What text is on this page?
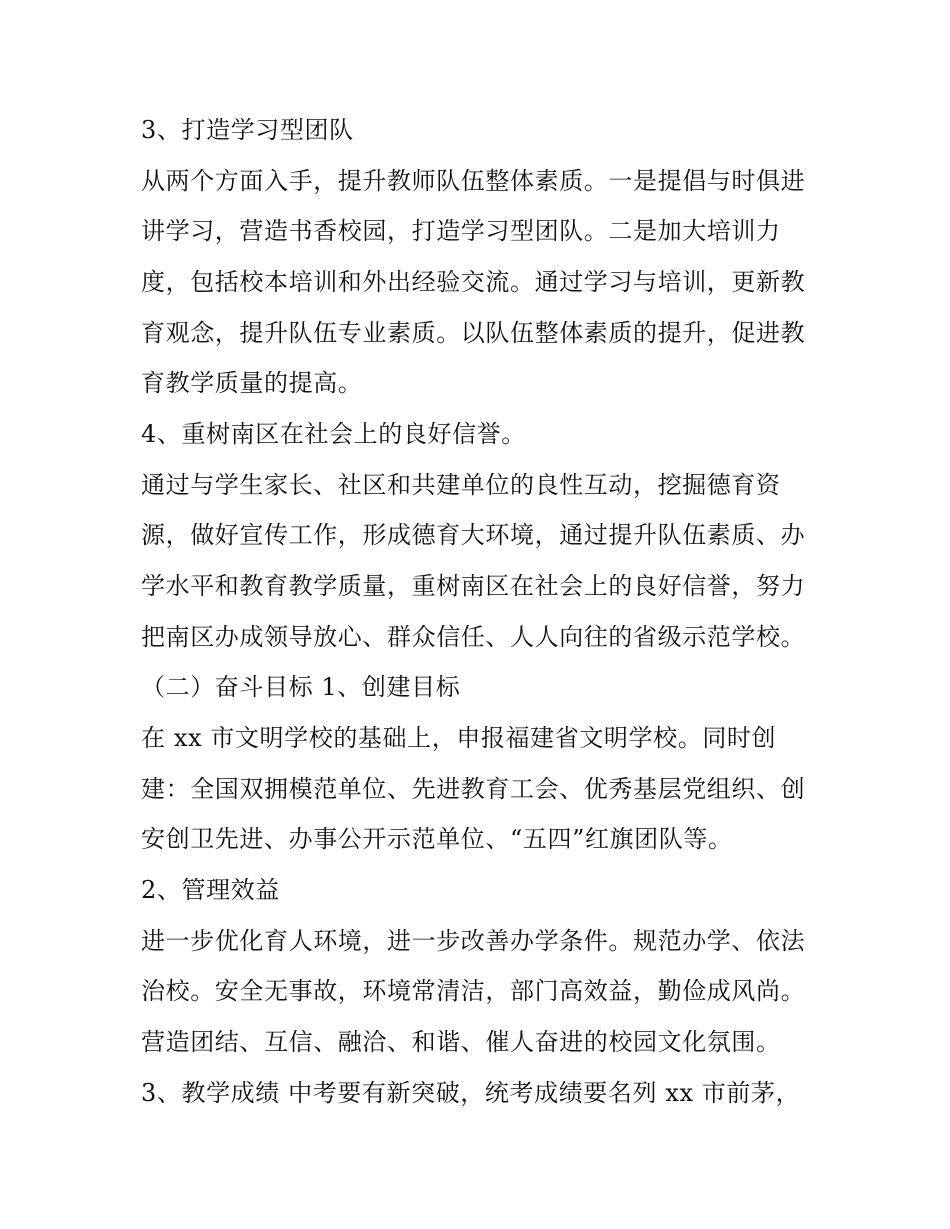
3、打造学习型团队
从两个方面入手，提升教师队伍整体素质。一是提倡与时俱进
讲学习，营造书香校园，打造学习型团队。二是加大培训力
度，包括校本培训和外出经验交流。通过学习与培训，更新教
育观念，提升队伍专业素质。以队伍整体素质的提升，促进教
育教学质量的提高。
4、重树南区在社会上的良好信誉。
通过与学生家长、社区和共建单位的良性互动，挖掘德育资
源，做好宣传工作，形成德育大环境，通过提升队伍素质、办
学水平和教育教学质量，重树南区在社会上的良好信誉，努力
把南区办成领导放心、群众信任、人人向往的省级示范学校。
（二）奋斗目标 1、创建目标
在 xx 市文明学校的基础上，申报福建省文明学校。同时创
建：全国双拥模范单位、先进教育工会、优秀基层党组织、创
安创卫先进、办事公开示范单位、“五四”红旗团队等。
2、管理效益
进一步优化育人环境，进一步改善办学条件。规范办学、依法
治校。安全无事故，环境常清洁，部门高效益，勤俭成风尚。
营造团结、互信、融洽、和谐、催人奋进的校园文化氛围。
3、教学成绩 中考要有新突破，统考成绩要名列 xx 市前茅，
